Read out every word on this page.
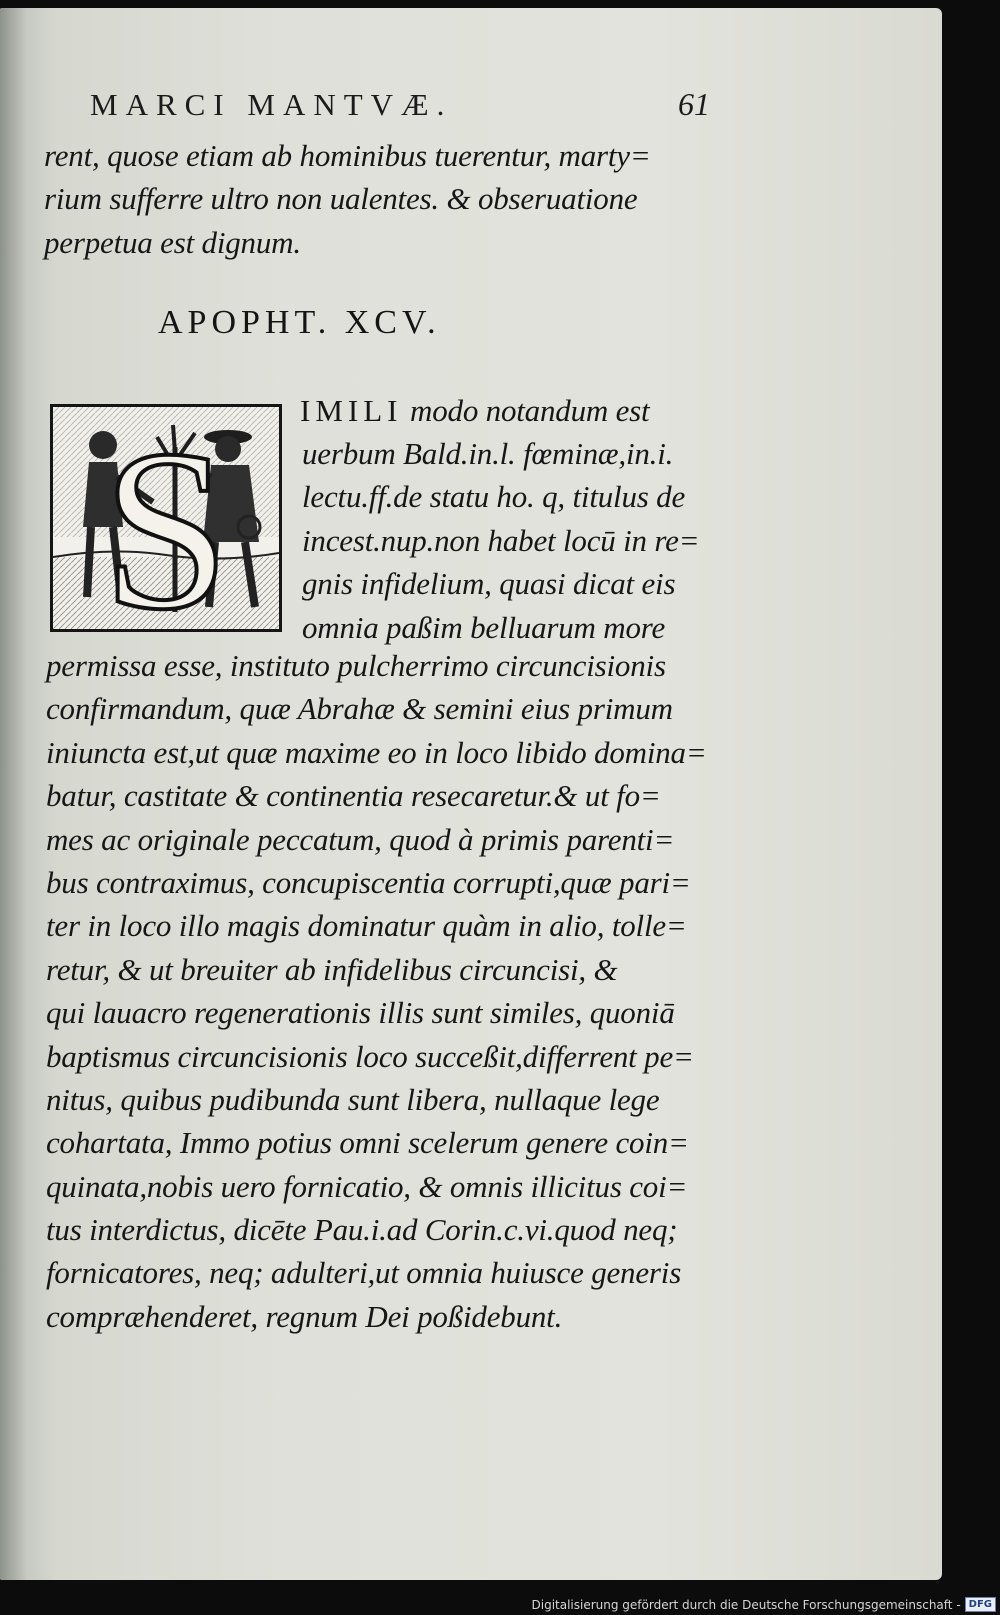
MARCI MANTVÆ.	61
rent, quose etiam ab hominibus tuerentur, marty=
rium sufferre ultro non ualentes. & obseruatione
perpetua est dignum.
APOPHT. XCV.
S IMILI modo notandum est
uerbum Bald.in.l. fœminæ,in.i.
lectu.ff.de statu ho. q, titulus de
incest.nup.non habet locū in re=
gnis infidelium, quasi dicat eis
omnia paßim belluarum more
permissa esse, instituto pulcherrimo circuncisionis
confirmandum, quæ Abrahæ & semini eius primum
iniuncta est,ut quæ maxime eo in loco libido domina=
batur, castitate & continentia resecaretur.& ut fo=
mes ac originale peccatum, quod à primis parenti=
bus contraximus, concupiscentia corrupti,quæ pari=
ter in loco illo magis dominatur quàm in alio, tolle=
retur, & ut breuiter ab infidelibus circuncisi, &
qui lauacro regenerationis illis sunt similes, quoniā
baptismus circuncisionis loco succeßit,differrent pe=
nitus, quibus pudibunda sunt libera, nullaque lege
cohartata, Immo potius omni scelerum genere coin=
quinata,nobis uero fornicatio, & omnis illicitus coi=
tus interdictus, dicēte Pau.i.ad Corin.c.vi.quod neq;
fornicatores, neq; adulteri,ut omnia huiusce generis
compræhenderet, regnum Dei poßidebunt.
Digitalisierung gefördert durch die Deutsche Forschungsgemeinschaft - DFG
